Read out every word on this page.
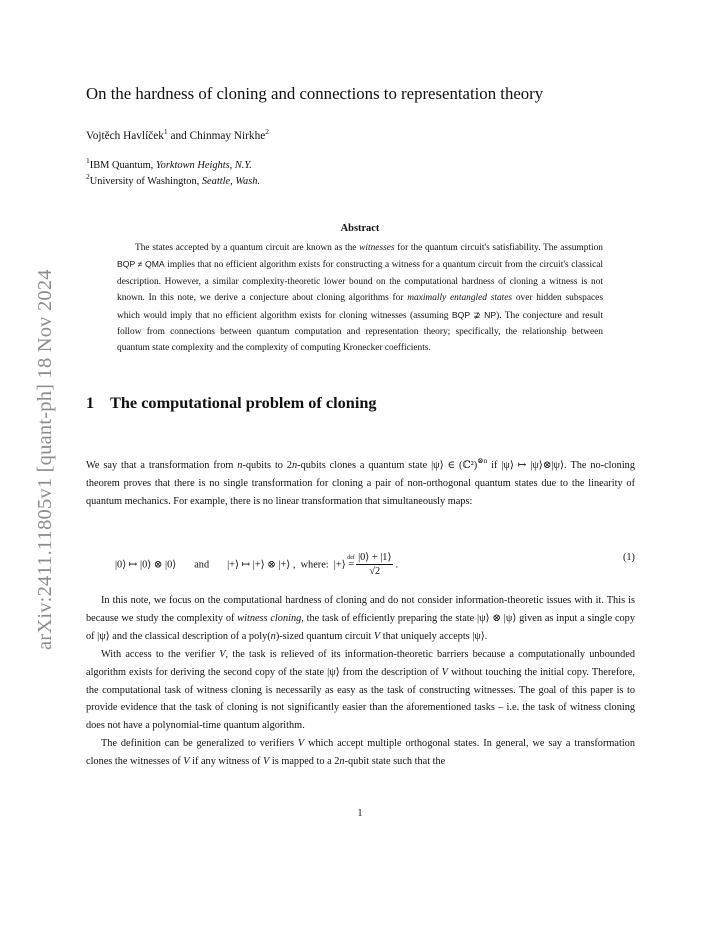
arXiv:2411.11805v1 [quant-ph] 18 Nov 2024
On the hardness of cloning and connections to representation theory
Vojtěch Havlíček$^1$ and Chinmay Nirkhe$^2$
$^1$IBM Quantum, Yorktown Heights, N.Y.
$^2$University of Washington, Seattle, Wash.
Abstract
The states accepted by a quantum circuit are known as the witnesses for the quantum circuit's satisfiability. The assumption BQP ≠ QMA implies that no efficient algorithm exists for constructing a witness for a quantum circuit from the circuit's classical description. However, a similar complexity-theoretic lower bound on the computational hardness of cloning a witness is not known. In this note, we derive a conjecture about cloning algorithms for maximally entangled states over hidden subspaces which would imply that no efficient algorithm exists for cloning witnesses (assuming BQP ⊉ NP). The conjecture and result follow from connections between quantum computation and representation theory; specifically, the relationship between quantum state complexity and the complexity of computing Kronecker coefficients.
1 The computational problem of cloning
We say that a transformation from n-qubits to 2n-qubits clones a quantum state |ψ⟩ ∈ (ℂ²)$^{\otimes n}$ if |ψ⟩ ↦ |ψ⟩⊗|ψ⟩. The no-cloning theorem proves that there is no single transformation for cloning a pair of non-orthogonal quantum states due to the linearity of quantum mechanics. For example, there is no linear transformation that simultaneously maps:
|0⟩ ↦ |0⟩ ⊗ |0⟩ and |+⟩ ↦ |+⟩ ⊗ |+⟩ ,  where:  |+⟩
def
= $\frac{|0⟩ + |1⟩}{√2}$ .
(1)
In this note, we focus on the computational hardness of cloning and do not consider information-theoretic issues with it. This is because we study the complexity of witness cloning, the task of efficiently preparing the state |ψ⟩ ⊗ |ψ⟩ given as input a single copy of |ψ⟩ and the classical description of a poly(n)-sized quantum circuit V that uniquely accepts |ψ⟩.
With access to the verifier V, the task is relieved of its information-theoretic barriers because a computationally unbounded algorithm exists for deriving the second copy of the state |ψ⟩ from the description of V without touching the initial copy. Therefore, the computational task of witness cloning is necessarily as easy as the task of constructing witnesses. The goal of this paper is to provide evidence that the task of cloning is not significantly easier than the aforementioned tasks – i.e. the task of witness cloning does not have a polynomial-time quantum algorithm.
The definition can be generalized to verifiers V which accept multiple orthogonal states. In general, we say a transformation clones the witnesses of V if any witness of V is mapped to a 2n-qubit state such that the
1
